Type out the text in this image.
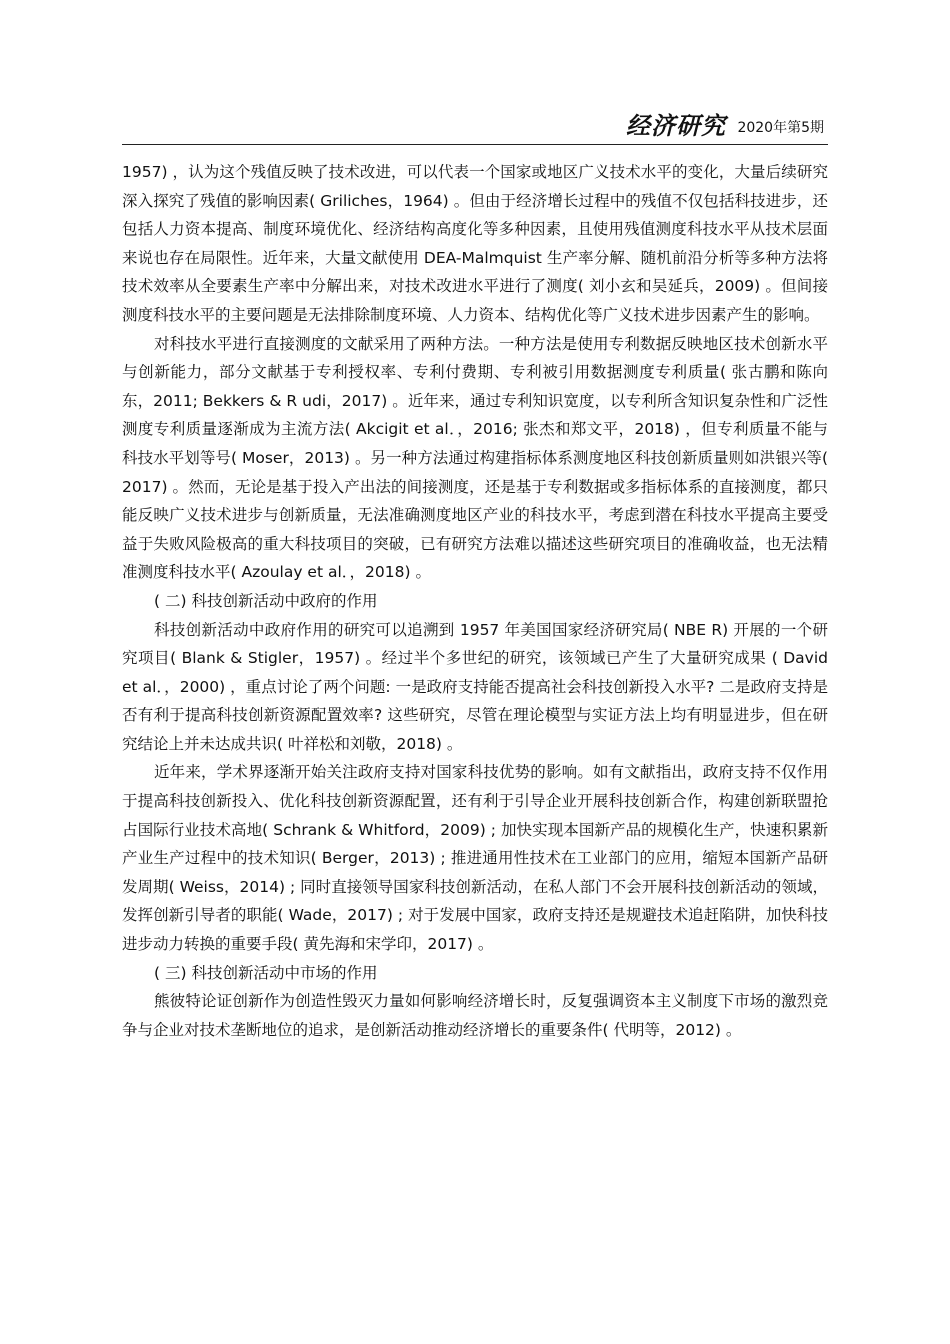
经济研究 2020年第5期

1957) ，认为这个残值反映了技术改进，可以代表一个国家或地区广义技术水平的变化，大量后续研究深入探究了残值的影响因素( Griliches，1964) 。但由于经济增长过程中的残值不仅包括科技进步，还包括人力资本提高、制度环境优化、经济结构高度化等多种因素，且使用残值测度科技水平从技术层面来说也存在局限性。近年来，大量文献使用 DEA-Malmquist 生产率分解、随机前沿分析等多种方法将技术效率从全要素生产率中分解出来，对技术改进水平进行了测度( 刘小玄和吴延兵，2009) 。但间接测度科技水平的主要问题是无法排除制度环境、人力资本、结构优化等广义技术进步因素产生的影响。

对科技水平进行直接测度的文献采用了两种方法。一种方法是使用专利数据反映地区技术创新水平与创新能力，部分文献基于专利授权率、专利付费期、专利被引用数据测度专利质量( 张古鹏和陈向东，2011; Bekkers & R udi，2017) 。近年来，通过专利知识宽度，以专利所含知识复杂性和广泛性测度专利质量逐渐成为主流方法( Akcigit et al．，2016; 张杰和郑文平，2018) ，但专利质量不能与科技水平划等号( Moser，2013) 。另一种方法通过构建指标体系测度地区科技创新质量则如洪银兴等( 2017) 。然而，无论是基于投入产出法的间接测度，还是基于专利数据或多指标体系的直接测度，都只能反映广义技术进步与创新质量，无法准确测度地区产业的科技水平，考虑到潜在科技水平提高主要受益于失败风险极高的重大科技项目的突破，已有研究方法难以描述这些研究项目的准确收益，也无法精准测度科技水平( Azoulay et al．，2018) 。

( 二) 科技创新活动中政府的作用

科技创新活动中政府作用的研究可以追溯到 1957 年美国国家经济研究局( NBE R) 开展的一个研究项目( Blank & Stigler，1957) 。经过半个多世纪的研究，该领域已产生了大量研究成果 ( David et al．，2000) ，重点讨论了两个问题: 一是政府支持能否提高社会科技创新投入水平? 二是政府支持是否有利于提高科技创新资源配置效率? 这些研究，尽管在理论模型与实证方法上均有明显进步，但在研究结论上并未达成共识( 叶祥松和刘敬，2018) 。

近年来，学术界逐渐开始关注政府支持对国家科技优势的影响。如有文献指出，政府支持不仅作用于提高科技创新投入、优化科技创新资源配置，还有利于引导企业开展科技创新合作，构建创新联盟抢占国际行业技术高地( Schrank & Whitford，2009) ; 加快实现本国新产品的规模化生产，快速积累新产业生产过程中的技术知识( Berger，2013) ; 推进通用性技术在工业部门的应用，缩短本国新产品研发周期( Weiss，2014) ; 同时直接领导国家科技创新活动，在私人部门不会开展科技创新活动的领域，发挥创新引导者的职能( Wade，2017) ; 对于发展中国家，政府支持还是规避技术追赶陷阱，加快科技进步动力转换的重要手段( 黄先海和宋学印，2017) 。

( 三) 科技创新活动中市场的作用

熊彼特论证创新作为创造性毁灭力量如何影响经济增长时，反复强调资本主义制度下市场的激烈竞争与企业对技术垄断地位的追求，是创新活动推动经济增长的重要条件( 代明等，2012) 。
